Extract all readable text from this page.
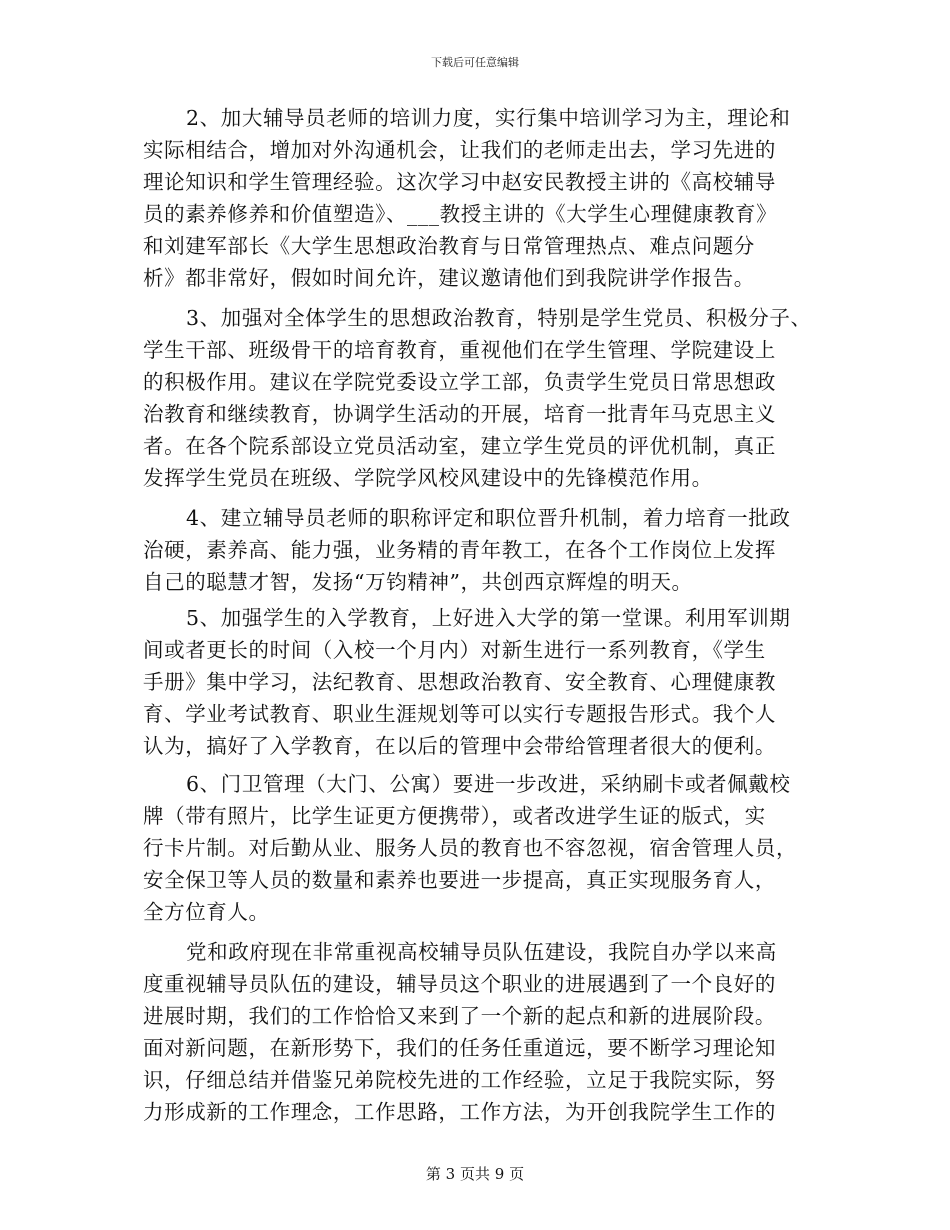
下载后可任意编辑
2、加大辅导员老师的培训力度，实行集中培训学习为主，理论和
实际相结合，增加对外沟通机会，让我们的老师走出去，学习先进的
理论知识和学生管理经验。这次学习中赵安民教授主讲的《高校辅导
员的素养修养和价值塑造》、___教授主讲的《大学生心理健康教育》
和刘建军部长《大学生思想政治教育与日常管理热点、难点问题分
析》都非常好，假如时间允许，建议邀请他们到我院讲学作报告。
3、加强对全体学生的思想政治教育，特别是学生党员、积极分子、
学生干部、班级骨干的培育教育，重视他们在学生管理、学院建设上
的积极作用。建议在学院党委设立学工部，负责学生党员日常思想政
治教育和继续教育，协调学生活动的开展，培育一批青年马克思主义
者。在各个院系部设立党员活动室，建立学生党员的评优机制，真正
发挥学生党员在班级、学院学风校风建设中的先锋模范作用。
4、建立辅导员老师的职称评定和职位晋升机制，着力培育一批政
治硬，素养高、能力强，业务精的青年教工，在各个工作岗位上发挥
自己的聪慧才智，发扬“万钧精神”，共创西京辉煌的明天。
5、加强学生的入学教育，上好进入大学的第一堂课。利用军训期
间或者更长的时间（入校一个月内）对新生进行一系列教育，《学生
手册》集中学习，法纪教育、思想政治教育、安全教育、心理健康教
育、学业考试教育、职业生涯规划等可以实行专题报告形式。我个人
认为，搞好了入学教育，在以后的管理中会带给管理者很大的便利。
6、门卫管理（大门、公寓）要进一步改进，采纳刷卡或者佩戴校
牌（带有照片，比学生证更方便携带），或者改进学生证的版式，实
行卡片制。对后勤从业、服务人员的教育也不容忽视，宿舍管理人员，
安全保卫等人员的数量和素养也要进一步提高，真正实现服务育人，
全方位育人。
党和政府现在非常重视高校辅导员队伍建设，我院自办学以来高
度重视辅导员队伍的建设，辅导员这个职业的进展遇到了一个良好的
进展时期，我们的工作恰恰又来到了一个新的起点和新的进展阶段。
面对新问题，在新形势下，我们的任务任重道远，要不断学习理论知
识，仔细总结并借鉴兄弟院校先进的工作经验，立足于我院实际，努
力形成新的工作理念，工作思路，工作方法，为开创我院学生工作的
第 3 页共 9 页
